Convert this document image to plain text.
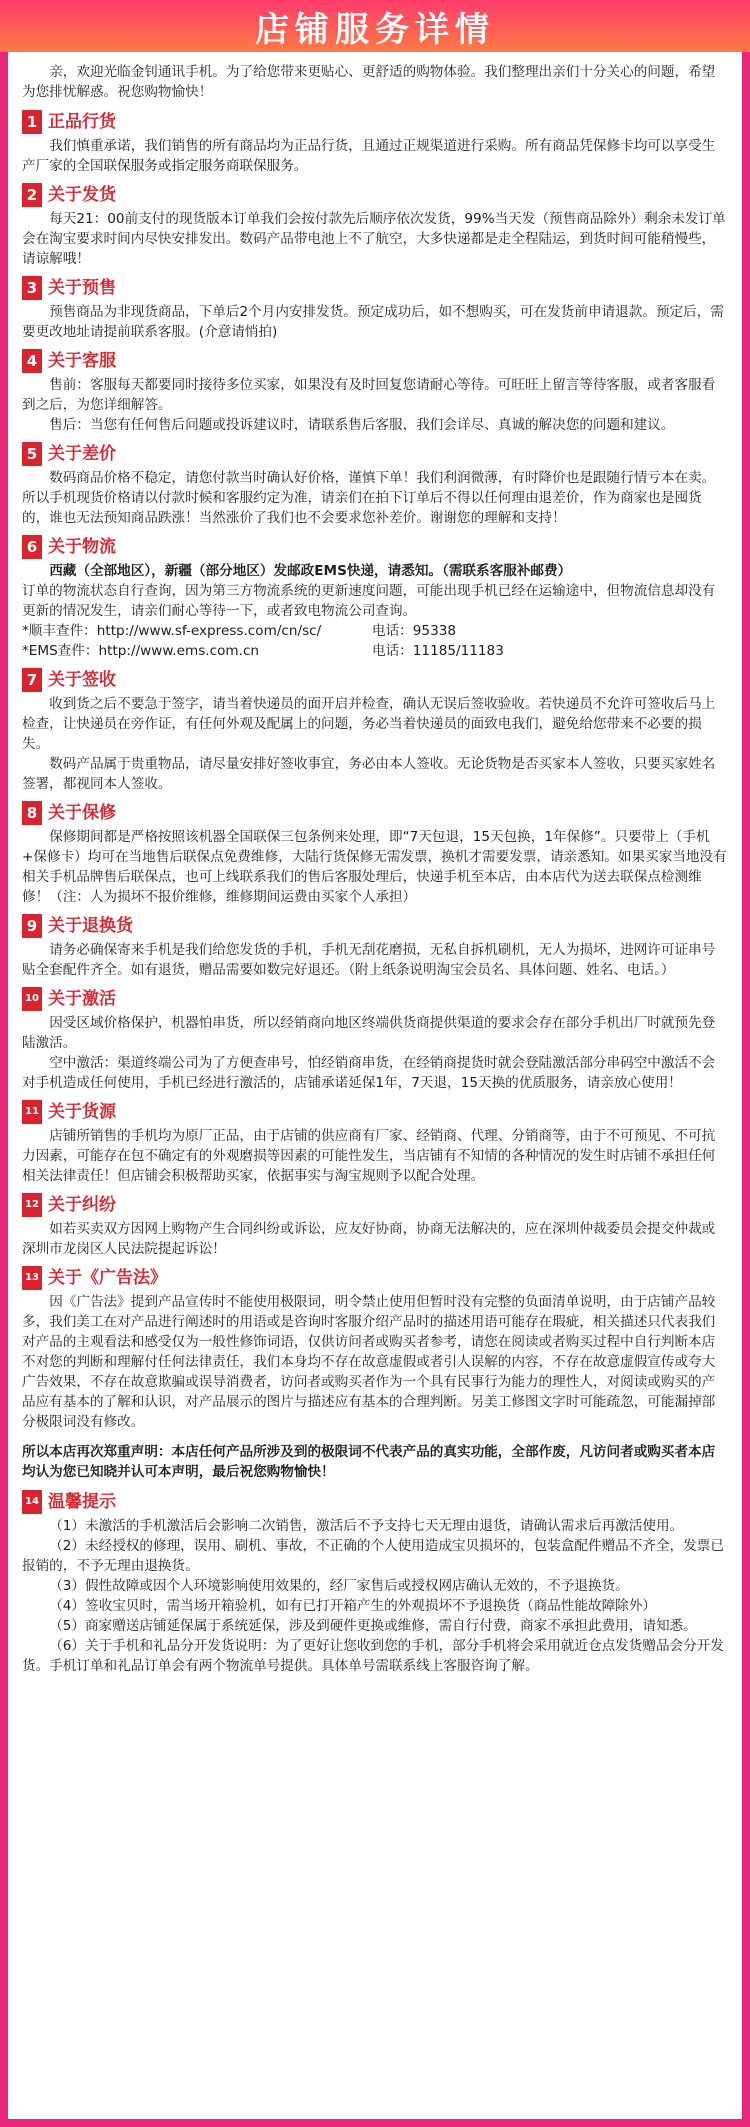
店铺服务详情

亲，欢迎光临金钊通讯手机。为了给您带来更贴心、更舒适的购物体验。我们整理出亲们十分关心的问题，希望为您排忧解惑。祝您购物愉快！

1 正品行货

我们慎重承诺，我们销售的所有商品均为正品行货，且通过正规渠道进行采购。所有商品凭保修卡均可以享受生产厂家的全国联保服务或指定服务商联保服务。

2 关于发货

每天21：00前支付的现货版本订单我们会按付款先后顺序依次发货，99%当天发（预售商品除外）剩余未发订单会在淘宝要求时间内尽快安排发出。数码产品带电池上不了航空，大多快递都是走全程陆运，到货时间可能稍慢些，请谅解哦！

3 关于预售

预售商品为非现货商品，下单后2个月内安排发货。预定成功后，如不想购买，可在发货前申请退款。预定后，需要更改地址请提前联系客服。(介意请悄拍)

4 关于客服

售前：客服每天都要同时接待多位买家，如果没有及时回复您请耐心等待。可旺旺上留言等待客服，或者客服看到之后，为您详细解答。

售后：当您有任何售后问题或投诉建议时，请联系售后客服，我们会详尽、真诚的解决您的问题和建议。

5 关于差价

数码商品价格不稳定，请您付款当时确认好价格，谨慎下单！我们利润微薄，有时降价也是跟随行情亏本在卖。所以手机现货价格请以付款时候和客服约定为准，请亲们在拍下订单后不得以任何理由退差价，作为商家也是囤货的，谁也无法预知商品跌涨！当然涨价了我们也不会要求您补差价。谢谢您的理解和支持！

6 关于物流

西藏（全部地区），新疆（部分地区）发邮政EMS快递，请悉知。（需联系客服补邮费）

订单的物流状态自行查询，因为第三方物流系统的更新速度问题，可能出现手机已经在运输途中，但物流信息却没有更新的情况发生，请亲们耐心等待一下，或者致电物流公司查询。

*顺丰查件：http://www.sf-express.com/cn/sc/	电话：95338
*EMS查件：http://www.ems.com.cn	电话：11185/11183
7 关于签收

收到货之后不要急于签字，请当着快递员的面开启并检查，确认无误后签收验收。若快递员不允许可签收后马上检查，让快递员在旁作证，有任何外观及配属上的问题，务必当着快递员的面致电我们，避免给您带来不必要的损失。

数码产品属于贵重物品，请尽量安排好签收事宜，务必由本人签收。无论货物是否买家本人签收，只要买家姓名签署，都视同本人签收。

8 关于保修

保修期间都是严格按照该机器全国联保三包条例来处理，即“7天包退，15天包换，1年保修”。只要带上（手机+保修卡）均可在当地售后联保点免费维修，大陆行货保修无需发票，换机才需要发票，请亲悉知。如果买家当地没有相关手机品牌售后联保点，也可上线联系我们的售后客服处理后，快递手机至本店，由本店代为送去联保点检测维修！（注：人为损坏不报价维修，维修期间运费由买家个人承担）

9 关于退换货

请务必确保寄来手机是我们给您发货的手机，手机无刮花磨损，无私自拆机刷机，无人为损坏，进网许可证串号贴全套配件齐全。如有退货，赠品需要如数完好退还。（附上纸条说明淘宝会员名、具体问题、姓名、电话。）

10 关于激活

因受区域价格保护，机器怕串货，所以经销商向地区终端供货商提供渠道的要求会存在部分手机出厂时就预先登陆激活。

空中激活：渠道终端公司为了方便查串号，怕经销商串货，在经销商提货时就会登陆激活部分串码空中激活不会对手机造成任何使用，手机已经进行激活的，店铺承诺延保1年，7天退，15天换的优质服务，请亲放心使用！

11 关于货源

店铺所销售的手机均为原厂正品，由于店铺的供应商有厂家、经销商、代理、分销商等，由于不可预见、不可抗力因素，可能存在包不确定有的外观磨损等因素的可能性发生，当店铺有不知情的各种情况的发生时店铺不承担任何相关法律责任！但店铺会积极帮助买家，依据事实与淘宝规则予以配合处理。

12 关于纠纷

如若买卖双方因网上购物产生合同纠纷或诉讼，应友好协商，协商无法解决的，应在深圳仲裁委员会提交仲裁或深圳市龙岗区人民法院提起诉讼！

13 关于《广告法》

因《广告法》提到产品宣传时不能使用极限词，明令禁止使用但暂时没有完整的负面清单说明，由于店铺产品较多，我们美工在对产品进行阐述时的用语或是咨询时客服介绍产品时的描述用语可能存在瑕疵，相关描述只代表我们对产品的主观看法和感受仅为一般性修饰词语，仅供访问者或购买者参考，请您在阅读或者购买过程中自行判断本店不对您的判断和理解付任何法律责任，我们本身均不存在故意虚假或者引人误解的内容，不存在故意虚假宣传或夸大广告效果，不存在故意欺骗或误导消费者，访问者或购买者作为一个具有民事行为能力的理性人，对阅读或购买的产品应有基本的了解和认识，对产品展示的图片与描述应有基本的合理判断。另美工修图文字时可能疏忽，可能漏掉部分极限词没有修改。

所以本店再次郑重声明：本店任何产品所涉及到的极限词不代表产品的真实功能，全部作废，凡访问者或购买者本店均认为您已知晓并认可本声明，最后祝您购物愉快！

14 温馨提示

（1）未激活的手机激活后会影响二次销售，激活后不予支持七天无理由退货，请确认需求后再激活使用。

（2）未经授权的修理，误用、刷机、事故，不正确的个人使用造成宝贝损坏的，包装盒配件赠品不齐全，发票已报销的，不予无理由退换货。

（3）假性故障或因个人环境影响使用效果的，经厂家售后或授权网店确认无效的，不予退换货。

（4）签收宝贝时，需当场开箱验机，如有已打开箱产生的外观损坏不予退换货（商品性能故障除外）

（5）商家赠送店铺延保属于系统延保，涉及到硬件更换或维修，需自行付费，商家不承担此费用，请知悉。

（6）关于手机和礼品分开发货说明：为了更好让您收到您的手机，部分手机将会采用就近仓点发货赠品会分开发货。手机订单和礼品订单会有两个物流单号提供。具体单号需联系线上客服咨询了解。
